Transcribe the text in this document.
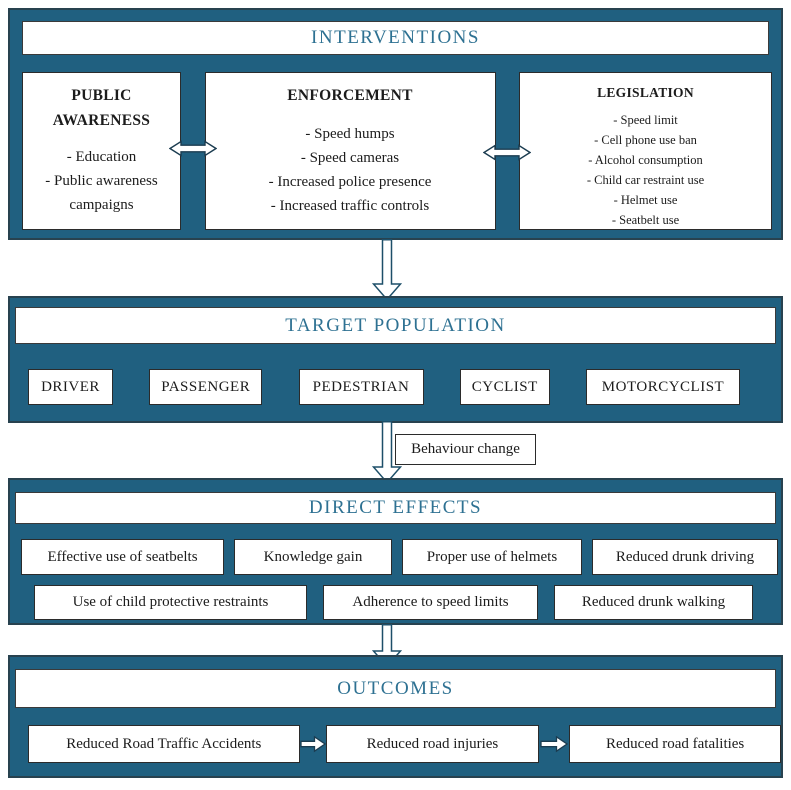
INTERVENTIONS
PUBLIC AWARENESS
- Education
- Public awareness campaigns
ENFORCEMENT
- Speed humps
- Speed cameras
- Increased police presence
- Increased traffic controls
LEGISLATION
- Speed limit
- Cell phone use ban
- Alcohol consumption
- Child car restraint use
- Helmet use
- Seatbelt use
TARGET POPULATION
DRIVER	PASSENGER	PEDESTRIAN	CYCLIST	MOTORCYCLIST
Behaviour change
DIRECT EFFECTS
Effective use of seatbelts	Knowledge gain	Proper use of helmets	Reduced drunk driving
Use of child protective restraints	Adherence to speed limits	Reduced drunk walking
OUTCOMES
Reduced Road Traffic Accidents	Reduced road injuries	Reduced road fatalities
